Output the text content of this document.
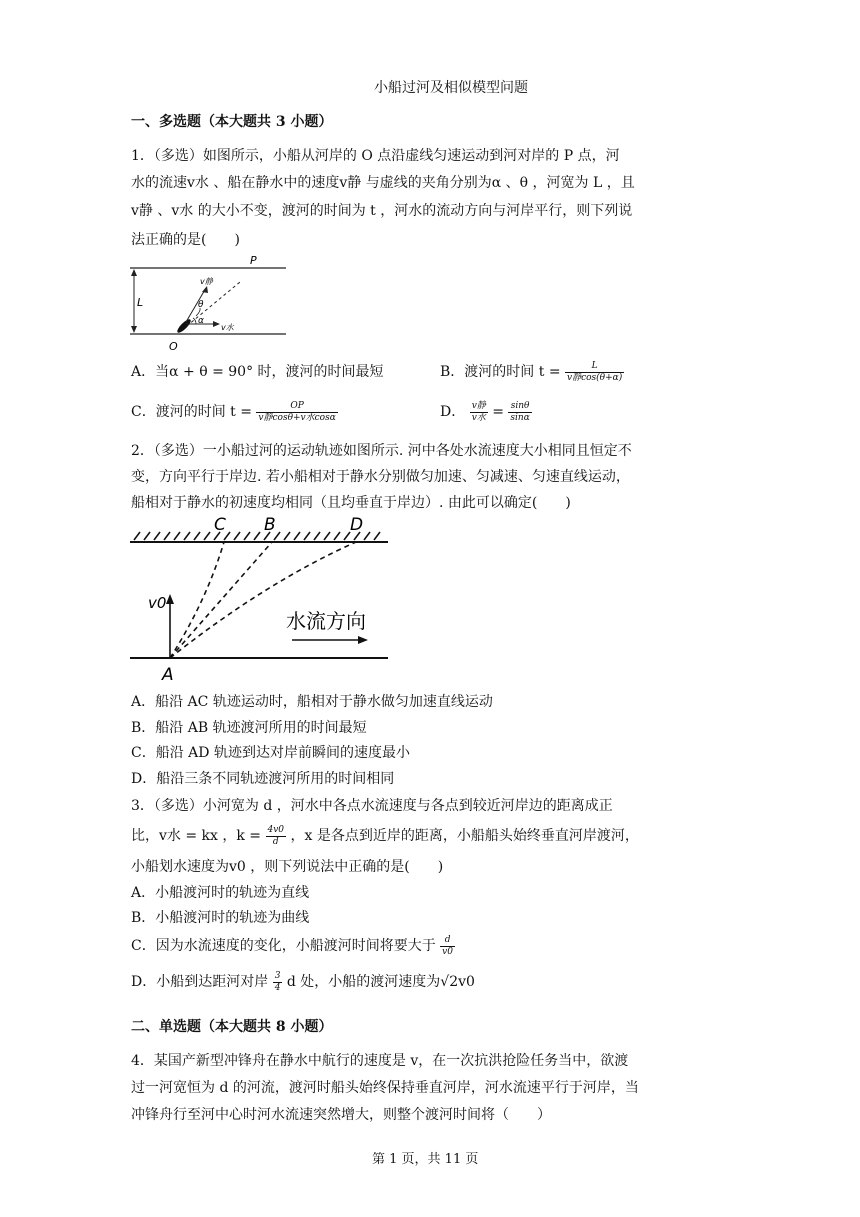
小船过河及相似模型问题
一、多选题（本大题共 3 小题）
1．（多选）如图所示，小船从河岸的 O 点沿虚线匀速运动到河对岸的 P 点，河
水的流速v水 、船在静水中的速度v静 与虚线的夹角分别为α 、θ ，河宽为 L ，且
v静 、v水 的大小不变，渡河的时间为 t ，河水的流动方向与河岸平行，则下列说
法正确的是(　　)
L
v静
θ
α
v水
P
O
A．当α + θ = 90° 时，渡河的时间最短	B．渡河的时间 $t = \frac{L}{\text{v静cos(θ+α)}}$
C．渡河的时间 $t = \frac{OP}{\text{v静cosθ+v水cosα}}$	D． $\frac{\text{v静}}{\text{v水}} = \frac{\sin\theta}{\sin\alpha}$
2．（多选）一小船过河的运动轨迹如图所示. 河中各处水流速度大小相同且恒定不
变，方向平行于岸边. 若小船相对于静水分别做匀加速、匀减速、匀速直线运动，
船相对于静水的初速度均相同（且均垂直于岸边）. 由此可以确定(　　)
v0
C B	D
A
水流方向
A．船沿 AC 轨迹运动时，船相对于静水做匀加速直线运动
B．船沿 AB 轨迹渡河所用的时间最短
C．船沿 AD 轨迹到达对岸前瞬间的速度最小
D．船沿三条不同轨迹渡河所用的时间相同
3．（多选）小河宽为 d ，河水中各点水流速度与各点到较近河岸边的距离成正
比，v水 = kx ，$k = \frac{4v0}{d}$ ，x 是各点到近岸的距离，小船船头始终垂直河岸渡河，
小船划水速度为v0 ，则下列说法中正确的是(　　)
A．小船渡河时的轨迹为直线
B．小船渡河时的轨迹为曲线
C．因为水流速度的变化，小船渡河时间将要大于 $\frac{d}{v0}$
D．小船到达距河对岸 $\frac{3}{4}$ d 处，小船的渡河速度为√2v0
二、单选题（本大题共 8 小题）
4．某国产新型冲锋舟在静水中航行的速度是 v，在一次抗洪抢险任务当中，欲渡
过一河宽恒为 d 的河流，渡河时船头始终保持垂直河岸，河水流速平行于河岸，当
冲锋舟行至河中心时河水流速突然增大，则整个渡河时间将（　　）
第 1 页，共 11 页
